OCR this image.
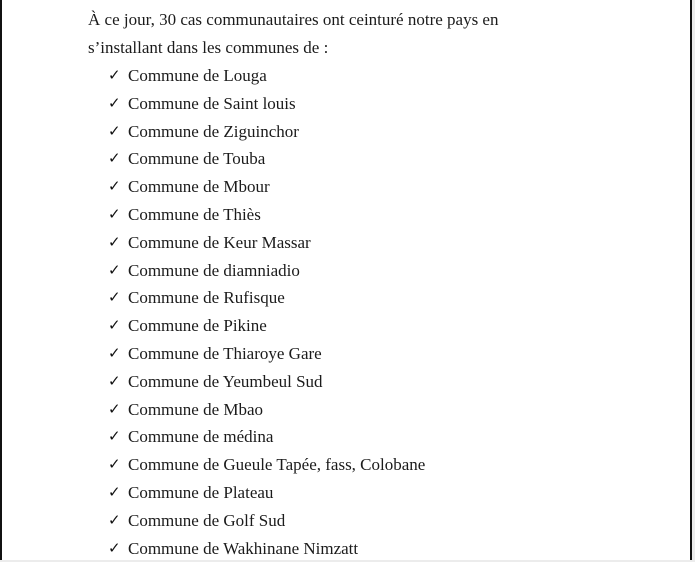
À ce jour, 30 cas communautaires ont ceinturé notre pays en
s’installant dans les communes de :

✓ Commune de Louga
✓ Commune de Saint louis
✓ Commune de Ziguinchor
✓ Commune de Touba
✓ Commune de Mbour
✓ Commune de Thiès
✓ Commune de Keur Massar
✓ Commune de diamniadio
✓ Commune de Rufisque
✓ Commune de Pikine
✓ Commune de Thiaroye Gare
✓ Commune de Yeumbeul Sud
✓ Commune de Mbao
✓ Commune de médina
✓ Commune de Gueule Tapée, fass, Colobane
✓ Commune de Plateau
✓ Commune de Golf Sud
✓ Commune de Wakhinane Nimzatt
